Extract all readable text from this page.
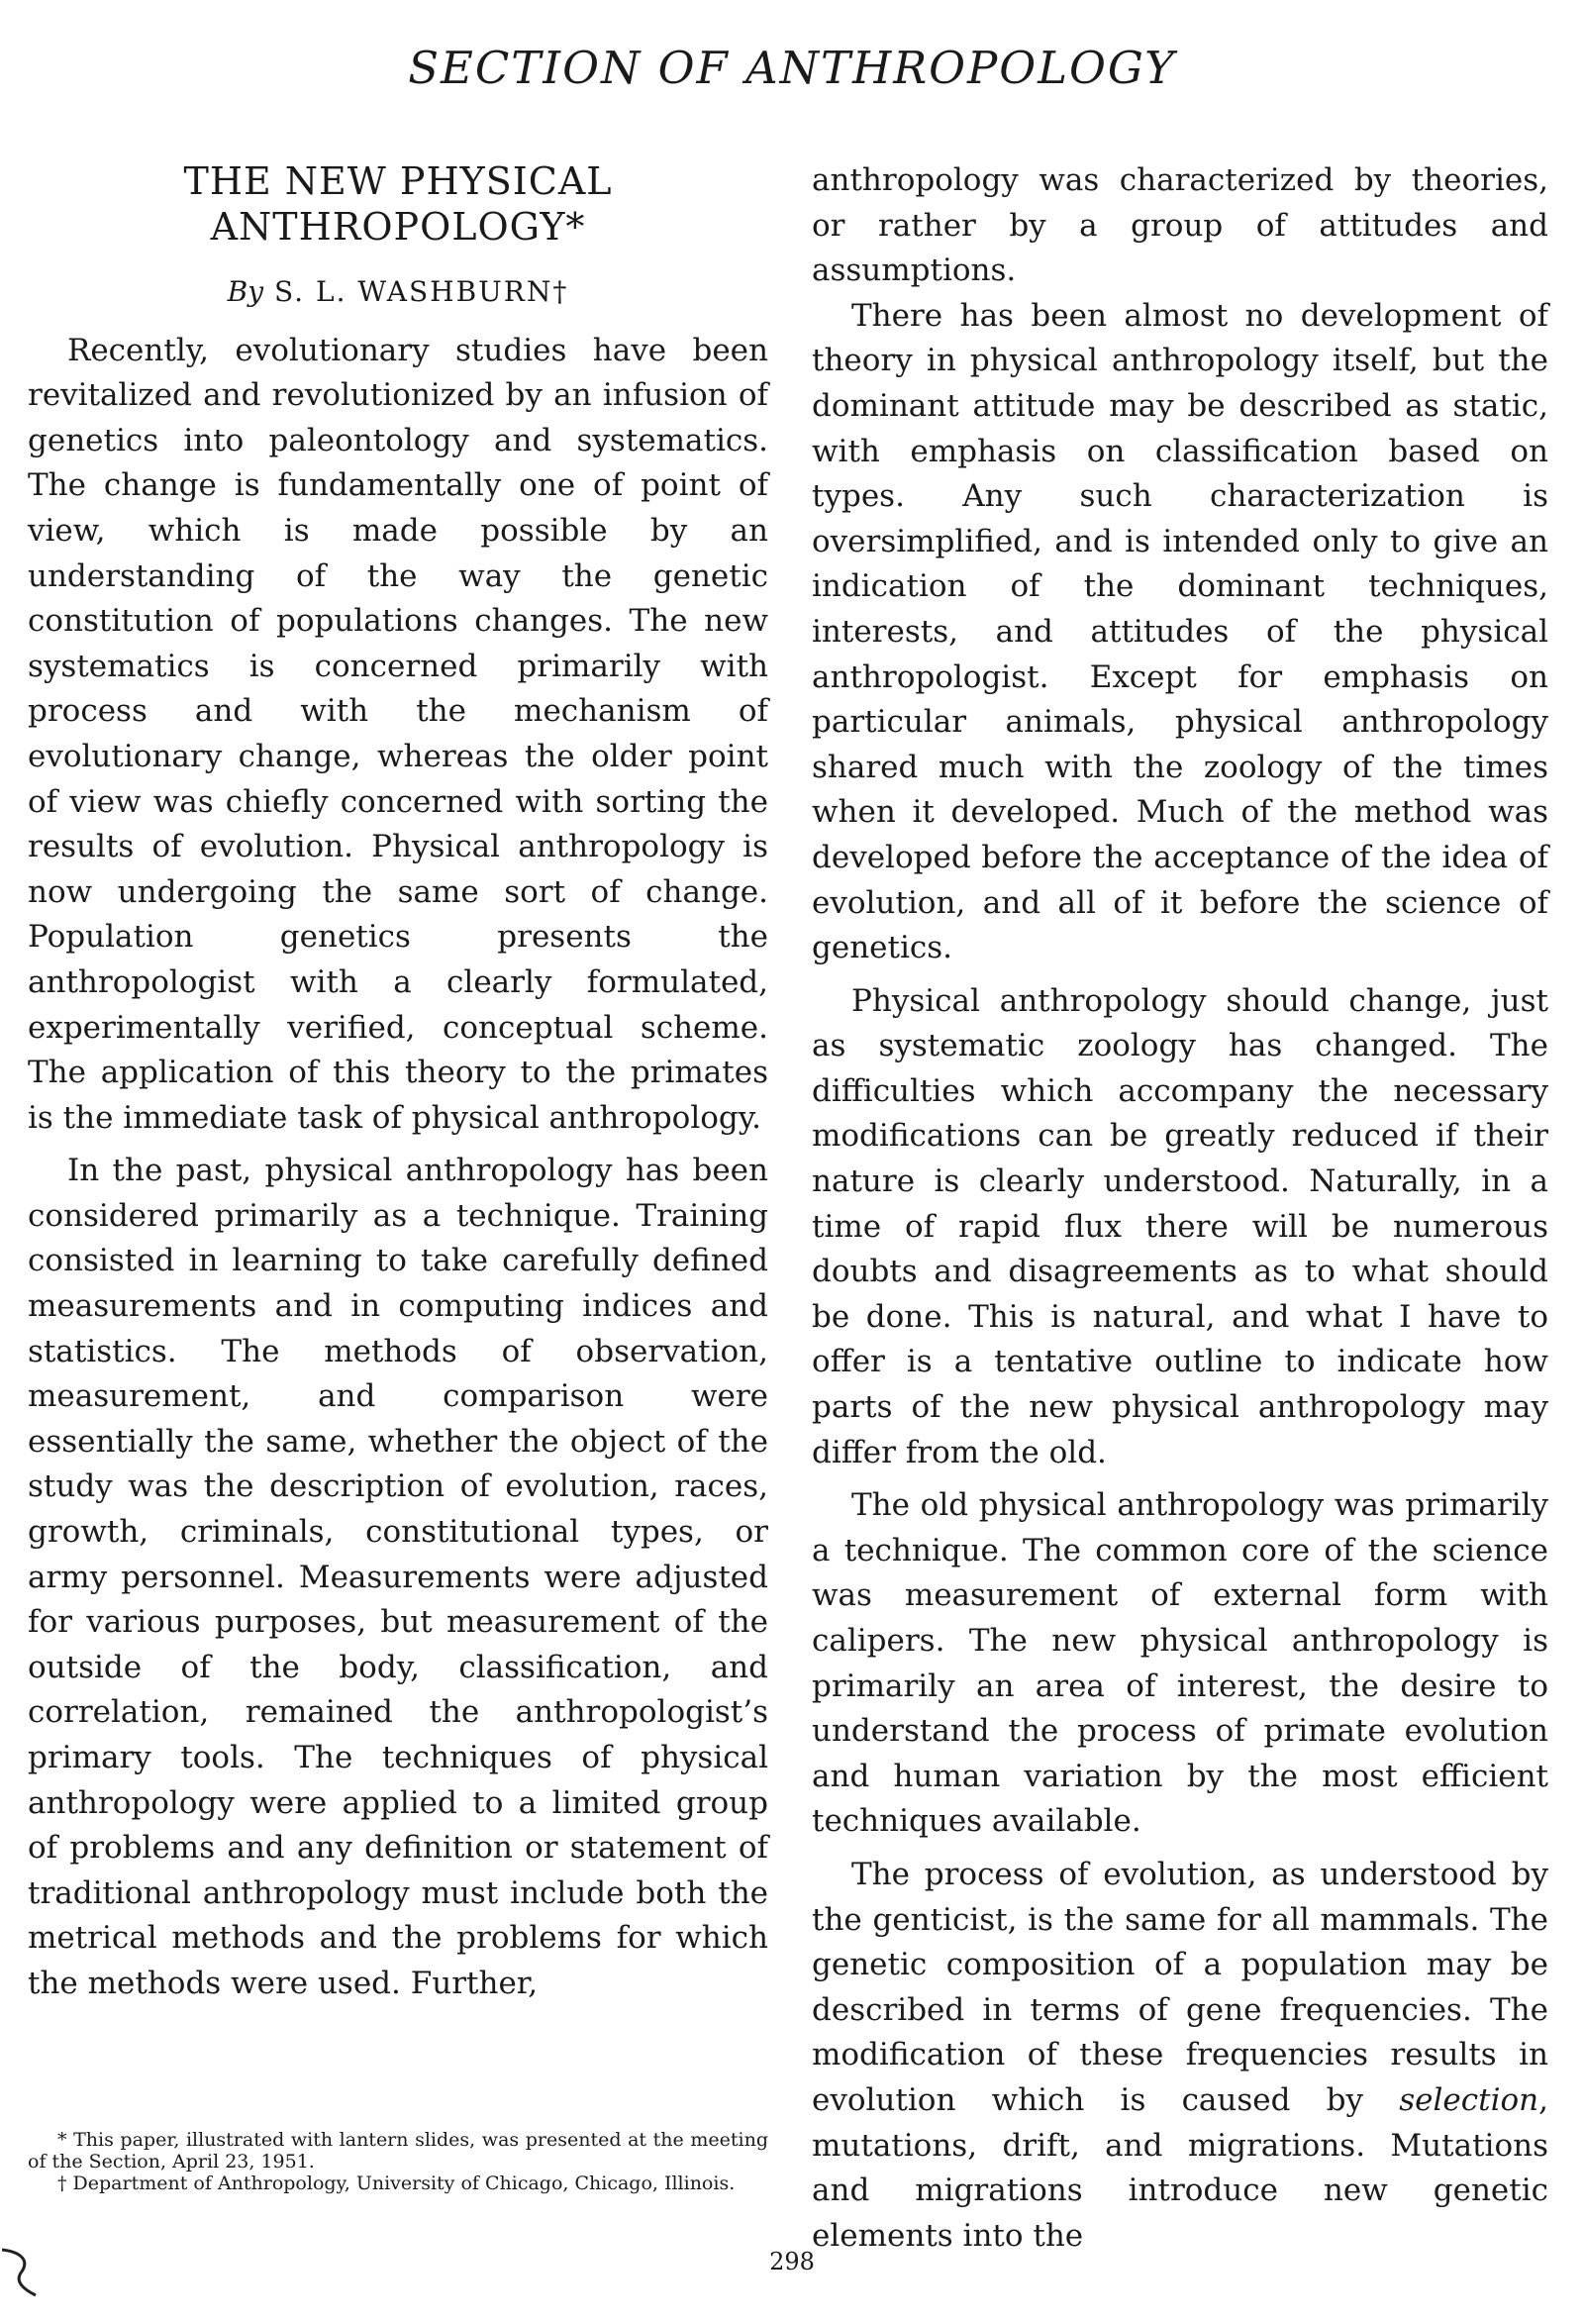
SECTION OF ANTHROPOLOGY
THE NEW PHYSICAL
ANTHROPOLOGY*
By S. L. WASHBURN†

Recently, evolutionary studies have been revitalized and revolutionized by an infusion of genetics into paleontology and systematics. The change is fundamentally one of point of view, which is made possible by an understanding of the way the genetic constitution of populations changes. The new systematics is concerned primarily with process and with the mechanism of evolutionary change, whereas the older point of view was chiefly concerned with sorting the results of evolution. Physical anthropology is now undergoing the same sort of change. Population genetics presents the anthropologist with a clearly formulated, experimentally verified, conceptual scheme. The application of this theory to the primates is the immediate task of physical anthropology.

In the past, physical anthropology has been considered primarily as a technique. Training consisted in learning to take carefully defined measurements and in computing indices and statistics. The methods of observation, measurement, and comparison were essentially the same, whether the object of the study was the description of evolution, races, growth, criminals, constitutional types, or army personnel. Measurements were adjusted for various purposes, but measurement of the outside of the body, classification, and correlation, remained the anthropologist’s primary tools. The techniques of physical anthropology were applied to a limited group of problems and any definition or statement of traditional anthropology must include both the metrical methods and the problems for which the methods were used. Further,

anthropology was characterized by theories, or rather by a group of attitudes and assumptions.

There has been almost no development of theory in physical anthropology itself, but the dominant attitude may be described as static, with emphasis on classification based on types. Any such characterization is oversimplified, and is intended only to give an indication of the dominant techniques, interests, and attitudes of the physical anthropologist. Except for emphasis on particular animals, physical anthropology shared much with the zoology of the times when it developed. Much of the method was developed before the acceptance of the idea of evolution, and all of it before the science of genetics.

Physical anthropology should change, just as systematic zoology has changed. The difficulties which accompany the necessary modifications can be greatly reduced if their nature is clearly understood. Naturally, in a time of rapid flux there will be numerous doubts and disagreements as to what should be done. This is natural, and what I have to offer is a tentative outline to indicate how parts of the new physical anthropology may differ from the old.

The old physical anthropology was primarily a technique. The common core of the science was measurement of external form with calipers. The new physical anthropology is primarily an area of interest, the desire to understand the process of primate evolution and human variation by the most efficient techniques available.

The process of evolution, as understood by the genticist, is the same for all mammals. The genetic composition of a population may be described in terms of gene frequencies. The modification of these frequencies results in evolution which is caused by selection, mutations, drift, and migrations. Mutations and migrations introduce new genetic elements into the

* This paper, illustrated with lantern slides, was presented at the meeting of the Section, April 23, 1951.
† Department of Anthropology, University of Chicago, Chicago, Illinois.
298
